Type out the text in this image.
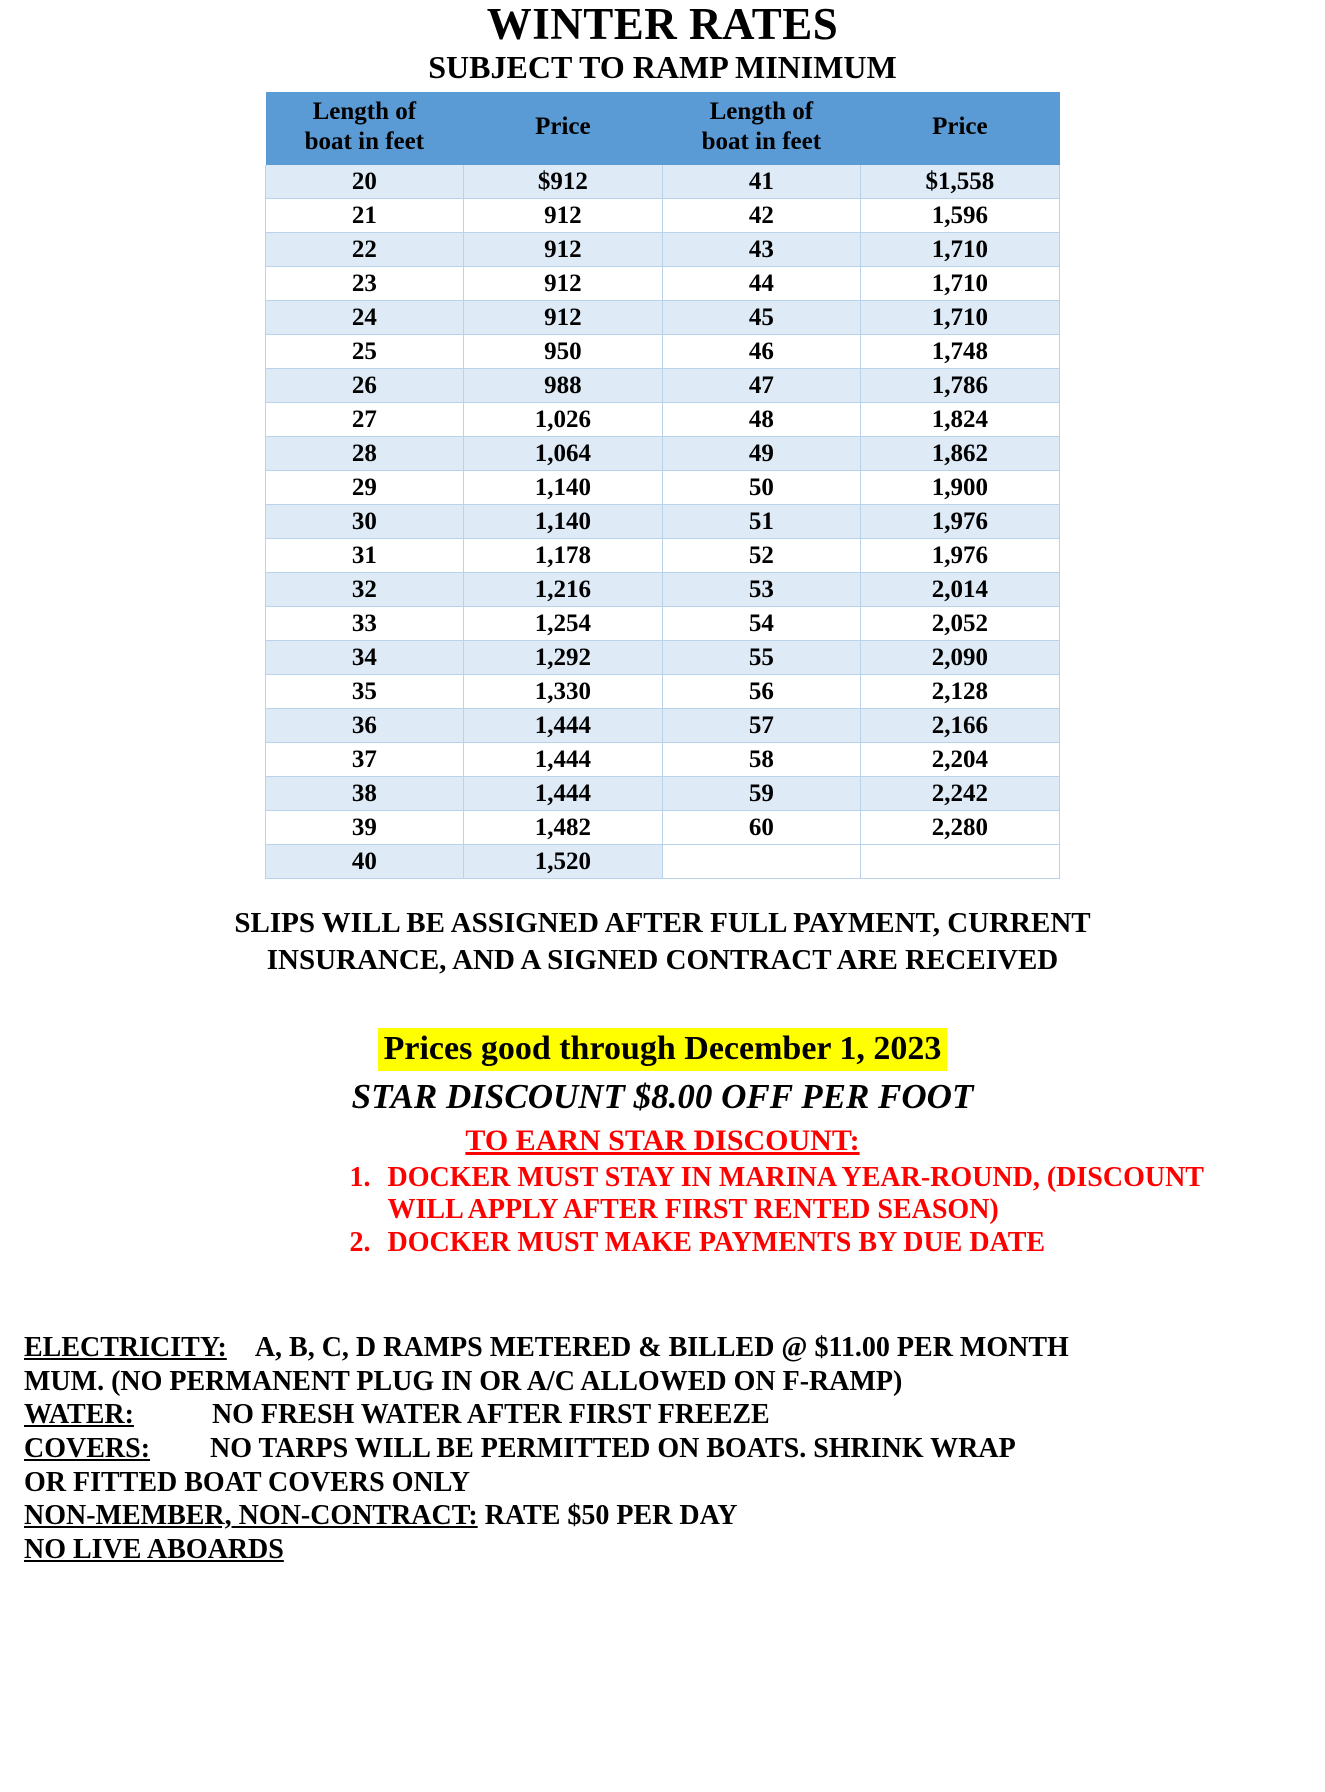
WINTER RATES
SUBJECT TO RAMP MINIMUM
Length of
boat in feet	Price	Length of
boat in feet	Price
20	$912	41	$1,558
21	912	42	1,596
22	912	43	1,710
23	912	44	1,710
24	912	45	1,710
25	950	46	1,748
26	988	47	1,786
27	1,026	48	1,824
28	1,064	49	1,862
29	1,140	50	1,900
30	1,140	51	1,976
31	1,178	52	1,976
32	1,216	53	2,014
33	1,254	54	2,052
34	1,292	55	2,090
35	1,330	56	2,128
36	1,444	57	2,166
37	1,444	58	2,204
38	1,444	59	2,242
39	1,482	60	2,280
40	1,520		
SLIPS WILL BE ASSIGNED AFTER FULL PAYMENT, CURRENT
INSURANCE, AND A SIGNED CONTRACT ARE RECEIVED
Prices good through December 1, 2023
STAR DISCOUNT $8.00 OFF PER FOOT
TO EARN STAR DISCOUNT:
1. DOCKER MUST STAY IN MARINA YEAR-ROUND, (DISCOUNT
WILL APPLY AFTER FIRST RENTED SEASON)
2. DOCKER MUST MAKE PAYMENTS BY DUE DATE
ELECTRICITY: A, B, C, D RAMPS METERED & BILLED @ $11.00 PER MONTH
MUM. (NO PERMANENT PLUG IN OR A/C ALLOWED ON F-RAMP)
WATER:	NO FRESH WATER AFTER FIRST FREEZE
COVERS: NO TARPS WILL BE PERMITTED ON BOATS. SHRINK WRAP
OR FITTED BOAT COVERS ONLY
NON-MEMBER, NON-CONTRACT: RATE $50 PER DAY
NO LIVE ABOARDS
